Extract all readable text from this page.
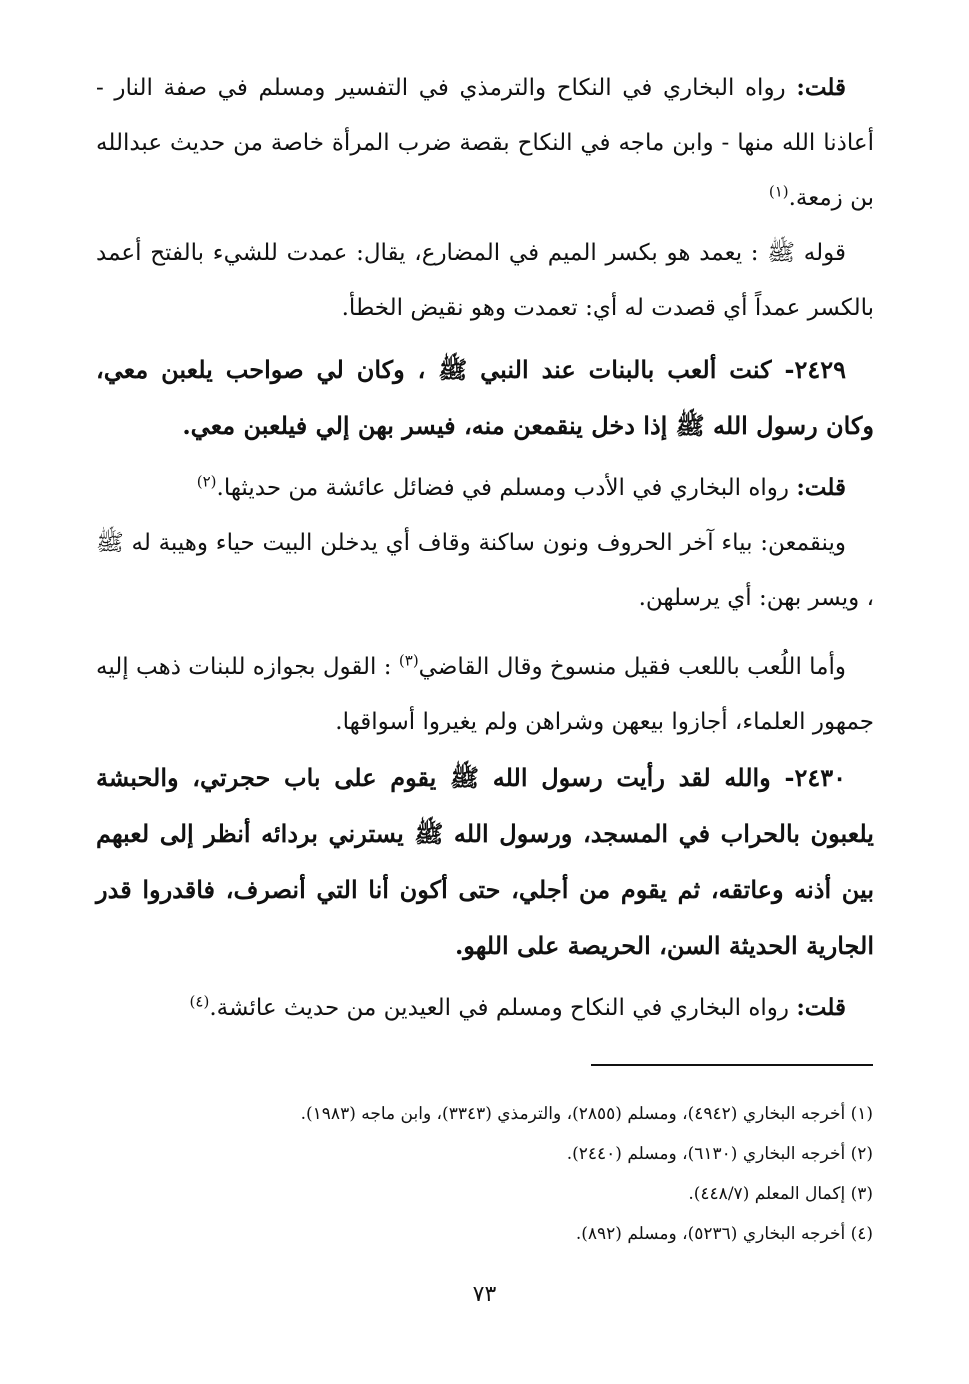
قلت: رواه البخاري في النكاح والترمذي في التفسير ومسلم في صفة النار - أعاذنا الله منها - وابن ماجه في النكاح بقصة ضرب المرأة خاصة من حديث عبدالله بن زمعة.$^{(١)}$

قوله ﷺ : يعمد هو بكسر الميم في المضارع، يقال: عمدت للشيء بالفتح أعمد بالكسر عمداً أي قصدت له أي: تعمدت وهو نقيض الخطأ.

٢٤٢٩- كنت ألعب بالبنات عند النبي ﷺ ، وكان لي صواحب يلعبن معي، وكان رسول الله ﷺ إذا دخل ينقمعن منه، فيسر بهن إلي فيلعبن معي.

قلت: رواه البخاري في الأدب ومسلم في فضائل عائشة من حديثها.$^{(٢)}$

وينقمعن: بياء آخر الحروف ونون ساكنة وقاف أي يدخلن البيت حياء وهيبة له ﷺ ، ويسر بهن: أي يرسلهن.

وأما اللُعب باللعب فقيل منسوخ وقال القاضي$^{(٣)}$ : القول بجوازه للبنات ذهب إليه جمهور العلماء، أجازوا بيعهن وشراهن ولم يغيروا أسواقها.

٢٤٣٠- والله لقد رأيت رسول الله ﷺ يقوم على باب حجرتي، والحبشة يلعبون بالحراب في المسجد، ورسول الله ﷺ يسترني بردائه أنظر إلى لعبهم بين أذنه وعاتقه، ثم يقوم من أجلي، حتى أكون أنا التي أنصرف، فاقدروا قدر الجارية الحديثة السن، الحريصة على اللهو.

قلت: رواه البخاري في النكاح ومسلم في العيدين من حديث عائشة.$^{(٤)}$

(١) أخرجه البخاري (٤٩٤٢)، ومسلم (٢٨٥٥)، والترمذي (٣٣٤٣)، وابن ماجه (١٩٨٣).

(٢) أخرجه البخاري (٦١٣٠)، ومسلم (٢٤٤٠).

(٣) إكمال المعلم (٤٤٨/٧).

(٤) أخرجه البخاري (٥٢٣٦)، ومسلم (٨٩٢).

٧٣
